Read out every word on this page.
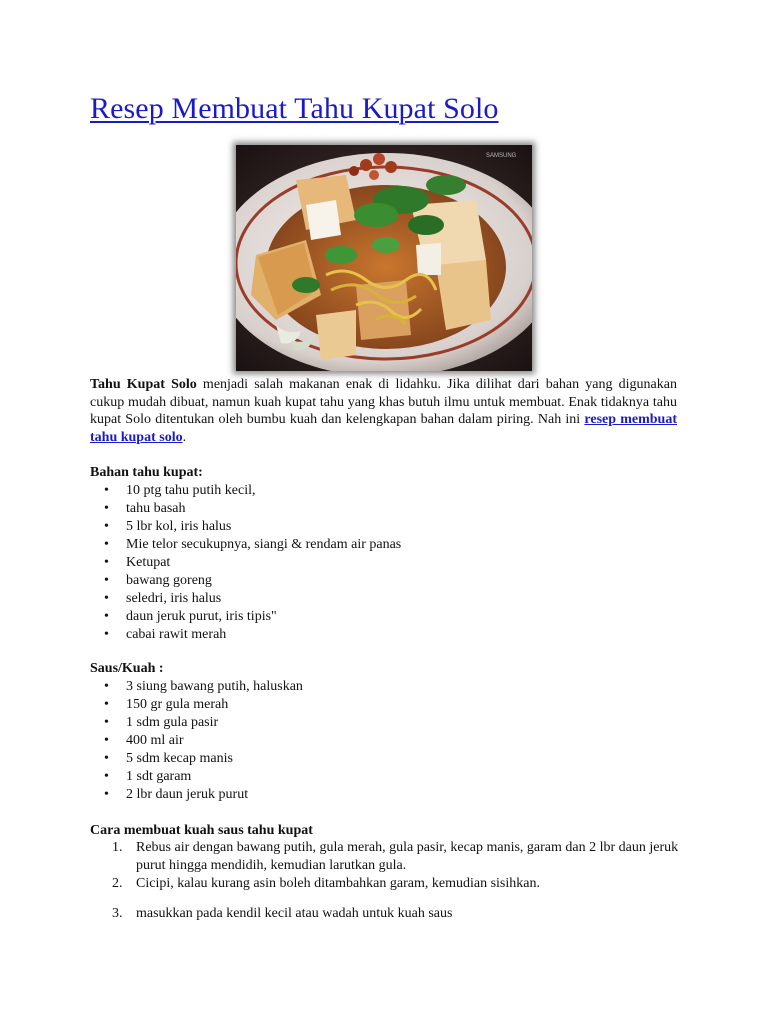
Resep Membuat Tahu Kupat Solo
SAMSUNG

Tahu Kupat Solo menjadi salah makanan enak di lidahku. Jika dilihat dari bahan yang digunakan cukup mudah dibuat, namun kuah kupat tahu yang khas butuh ilmu untuk membuat. Enak tidaknya tahu kupat Solo ditentukan oleh bumbu kuah dan kelengkapan bahan dalam piring. Nah ini resep membuat tahu kupat solo.

Bahan tahu kupat:
• 10 ptg tahu putih kecil,
• tahu basah
• 5 lbr kol, iris halus
• Mie telor secukupnya, siangi & rendam air panas
• Ketupat
• bawang goreng
• seledri, iris halus
• daun jeruk purut, iris tipis"
• cabai rawit merah
Saus/Kuah :
• 3 siung bawang putih, haluskan
• 150 gr gula merah
• 1 sdm gula pasir
• 400 ml air
• 5 sdm kecap manis
• 1 sdt garam
• 2 lbr daun jeruk purut
Cara membuat kuah saus tahu kupat
1. Rebus air dengan bawang putih, gula merah, gula pasir, kecap manis, garam dan 2 lbr daun jeruk purut hingga mendidih, kemudian larutkan gula.
2. Cicipi, kalau kurang asin boleh ditambahkan garam, kemudian sisihkan.
3. masukkan pada kendil kecil atau wadah untuk kuah saus
